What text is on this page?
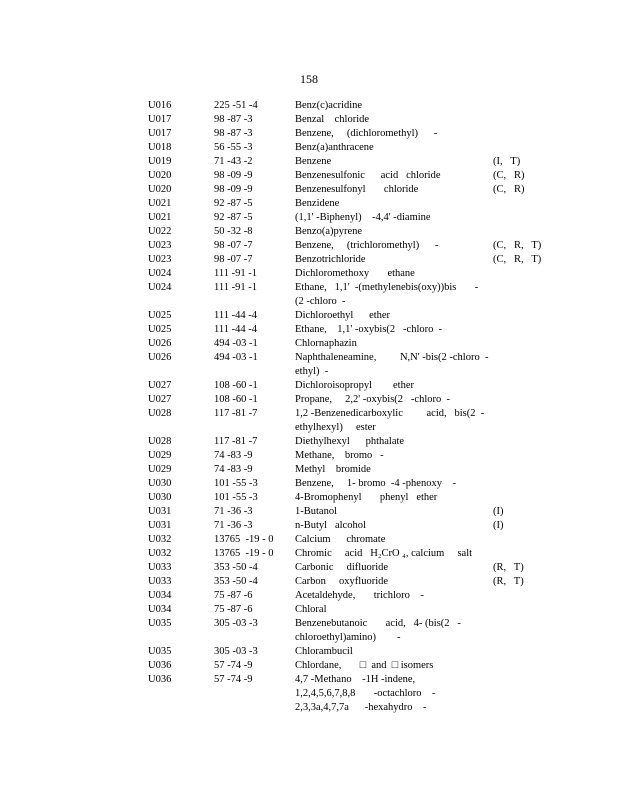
158
U016	225 -51 -4	Benz(c)acridine
U017	98 -87 -3	Benzal    chloride
U017	98 -87 -3	Benzene,     (dichloromethyl)      -
U018	56 -55 -3	Benz(a)anthracene
U019	71 -43 -2	Benzene	(I,   T)
U020	98 -09 -9	Benzenesulfonic      acid   chloride	(C,   R)
U020	98 -09 -9	Benzenesulfonyl       chloride	(C,   R)
U021	92 -87 -5	Benzidene
U021	92 -87 -5	(1,1' -Biphenyl)    -4,4' -diamine
U022	50 -32 -8	Benzo(a)pyrene
U023	98 -07 -7	Benzene,     (trichloromethyl)      -	(C,   R,   T)
U023	98 -07 -7	Benzotrichloride	(C,   R,   T)
U024	111 -91 -1	Dichloromethoxy       ethane
U024	111 -91 -1	Ethane,   1,1'  -(methylenebis(oxy))bis       -
(2 -chloro  -
U025	111 -44 -4	Dichloroethyl      ether
U025	111 -44 -4	Ethane,    1,1' -oxybis(2   -chloro  -
U026	494 -03 -1	Chlornaphazin
U026	494 -03 -1	Naphthaleneamine,         N,N' -bis(2 -chloro  -
ethyl)  -
U027	108 -60 -1	Dichloroisopropyl        ether
U027	108 -60 -1	Propane,     2,2' -oxybis(2   -chloro  -
U028	117 -81 -7	1,2 -Benzenedicarboxylic         acid,   bis(2  -
ethylhexyl)     ester
U028	117 -81 -7	Diethylhexyl      phthalate
U029	74 -83 -9	Methane,    bromo   -
U029	74 -83 -9	Methyl    bromide
U030	101 -55 -3	Benzene,     1- bromo  -4 -phenoxy    -
U030	101 -55 -3	4-Bromophenyl       phenyl   ether
U031	71 -36 -3	1-Butanol	(I)
U031	71 -36 -3	n-Butyl   alcohol	(I)
U032	13765  -19 - 0	Calcium      chromate
U032	13765  -19 - 0	Chromic     acid   H₂CrO ₄, calcium     salt
U033	353 -50 -4	Carbonic     difluoride	(R,   T)
U033	353 -50 -4	Carbon     oxyfluoride	(R,   T)
U034	75 -87 -6	Acetaldehyde,       trichloro    -
U034	75 -87 -6	Chloral
U035	305 -03 -3	Benzenebutanoic       acid,   4- (bis(2   -
chloroethyl)amino)        -
U035	305 -03 -3	Chlorambucil
U036	57 -74 -9	Chlordane,       □  and  □ isomers
U036	57 -74 -9	4,7 -Methano    -1H -indene,
1,2,4,5,6,7,8,8       -octachloro    -
2,3,3a,4,7,7a      -hexahydro    -
